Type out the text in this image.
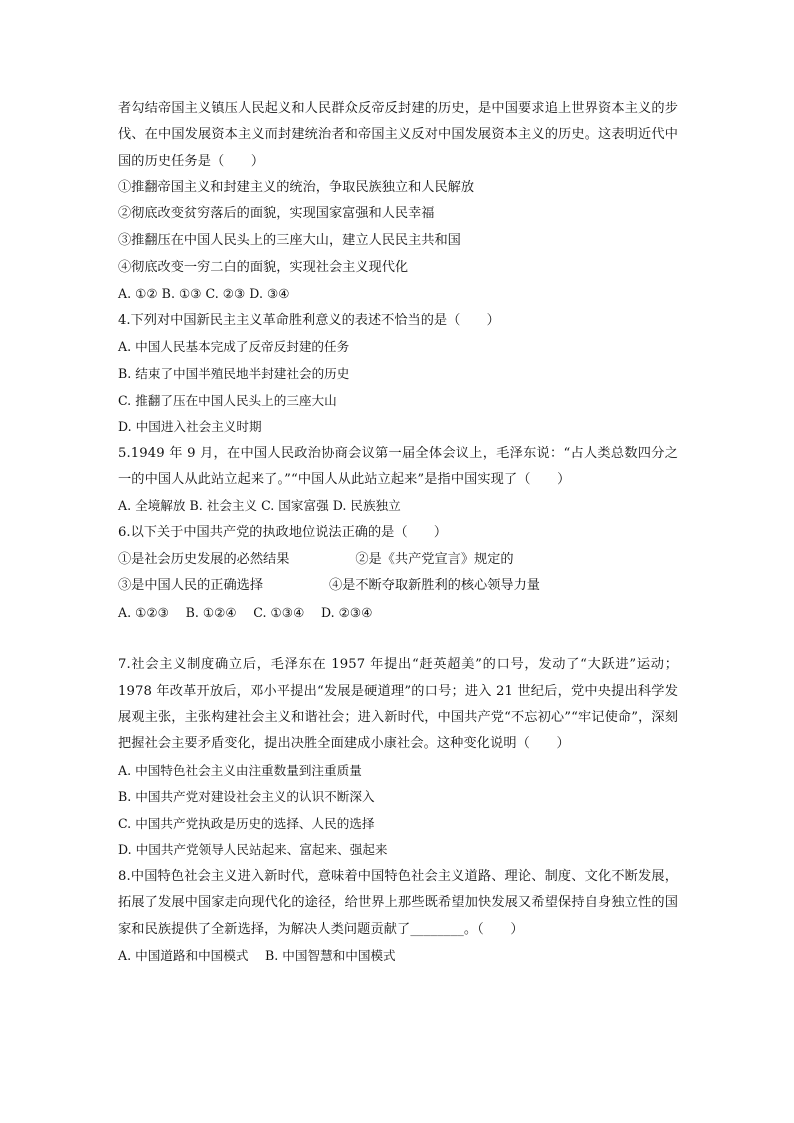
者勾结帝国主义镇压人民起义和人民群众反帝反封建的历史，是中国要求追上世界资本主义的步伐、在中国发展资本主义而封建统治者和帝国主义反对中国发展资本主义的历史。这表明近代中国的历史任务是（　　）

①推翻帝国主义和封建主义的统治，争取民族独立和人民解放

②彻底改变贫穷落后的面貌，实现国家富强和人民幸福

③推翻压在中国人民头上的三座大山，建立人民民主共和国

④彻底改变一穷二白的面貌，实现社会主义现代化

A. ①② B. ①③ C. ②③ D. ③④

4.下列对中国新民主主义革命胜利意义的表述不恰当的是（　　）

A. 中国人民基本完成了反帝反封建的任务

B. 结束了中国半殖民地半封建社会的历史

C. 推翻了压在中国人民头上的三座大山

D. 中国进入社会主义时期

5.1949 年 9 月，在中国人民政治协商会议第一届全体会议上，毛泽东说：“占人类总数四分之一的中国人从此站立起来了。”“中国人从此站立起来”是指中国实现了（　　）

A. 全境解放 B. 社会主义 C. 国家富强 D. 民族独立

6.以下关于中国共产党的执政地位说法正确的是（　　）

①是社会历史发展的必然结果　　　　　②是《共产党宣言》规定的

③是中国人民的正确选择　　　　　④是不断夺取新胜利的核心领导力量

A. ①②③　 B. ①②④　 C. ①③④　 D. ②③④

7.社会主义制度确立后，毛泽东在 1957 年提出“赶英超美”的口号，发动了“大跃进”运动；1978 年改革开放后，邓小平提出“发展是硬道理”的口号；进入 21 世纪后，党中央提出科学发展观主张，主张构建社会主义和谐社会；进入新时代，中国共产党“不忘初心”“牢记使命”，深刻把握社会主要矛盾变化，提出决胜全面建成小康社会。这种变化说明（　　）

A. 中国特色社会主义由注重数量到注重质量

B. 中国共产党对建设社会主义的认识不断深入

C. 中国共产党执政是历史的选择、人民的选择

D. 中国共产党领导人民站起来、富起来、强起来

8.中国特色社会主义进入新时代，意味着中国特色社会主义道路、理论、制度、文化不断发展，拓展了发展中国家走向现代化的途径，给世界上那些既希望加快发展又希望保持自身独立性的国家和民族提供了全新选择，为解决人类问题贡献了________。（　　）

A. 中国道路和中国模式　 B. 中国智慧和中国模式
